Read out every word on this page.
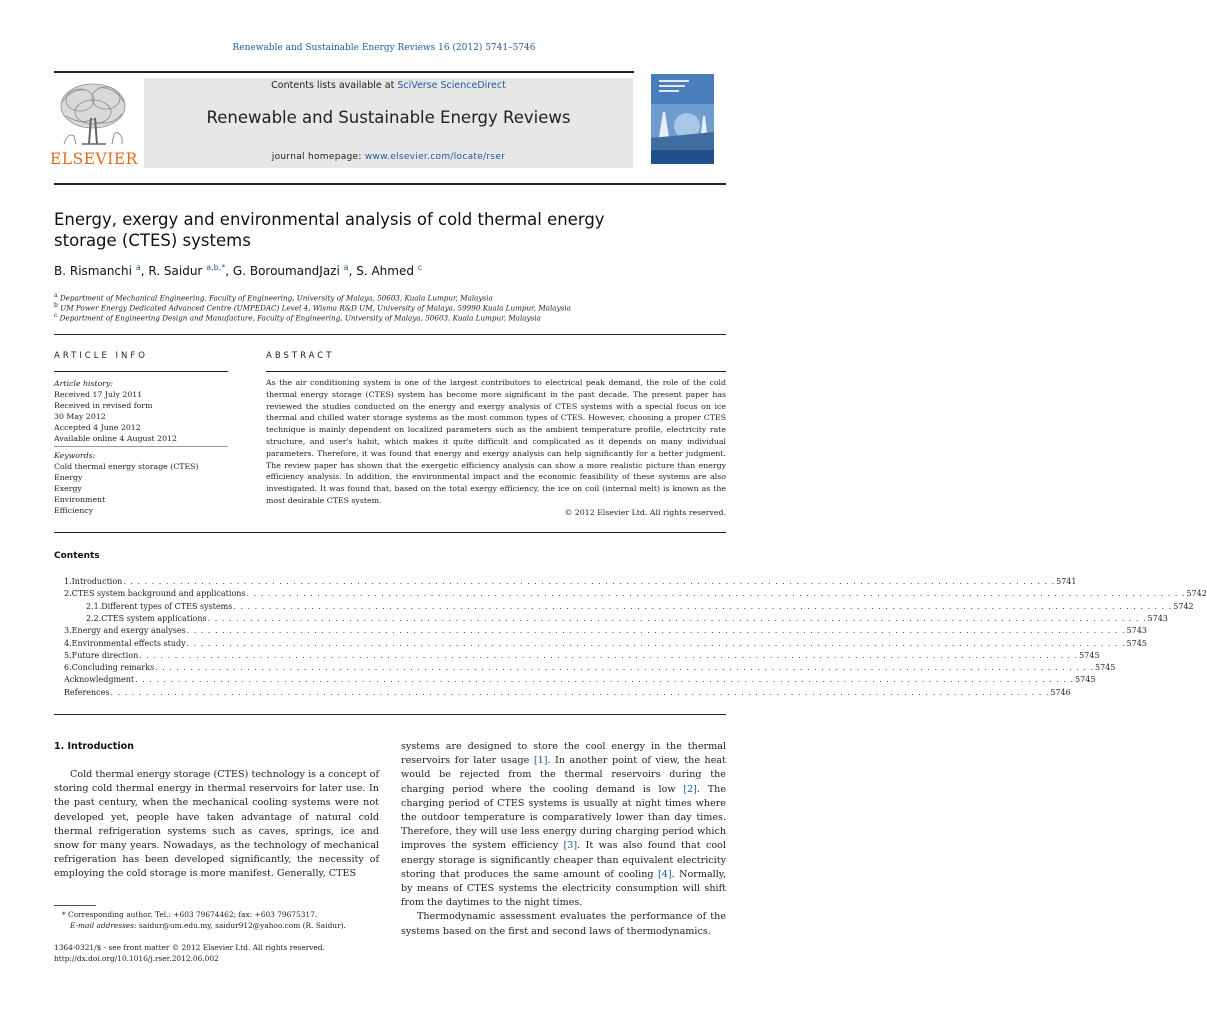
Renewable and Sustainable Energy Reviews 16 (2012) 5741–5746
ELSEVIER
Contents lists available at SciVerse ScienceDirect
Renewable and Sustainable Energy Reviews
journal homepage: www.elsevier.com/locate/rser
Energy, exergy and environmental analysis of cold thermal energy
storage (CTES) systems
B. Rismanchi $^a$, R. Saidur $^{a,b,*}$, G. BoroumandJazi $^a$, S. Ahmed $^c$
$^a$ Department of Mechanical Engineering, Faculty of Engineering, University of Malaya, 50603, Kuala Lumpur, Malaysia
$^b$ UM Power Energy Dedicated Advanced Centre (UMPEDAC) Level 4, Wisma R&D UM, University of Malaya, 59990 Kuala Lumpur, Malaysia
$^c$ Department of Engineering Design and Manufacture, Faculty of Engineering, University of Malaya, 50603, Kuala Lumpur, Malaysia
ARTICLE INFO
Article history:
Received 17 July 2011
Received in revised form
30 May 2012
Accepted 4 June 2012
Available online 4 August 2012
Keywords:
Cold thermal energy storage (CTES)
Energy
Exergy
Environment
Efficiency
ABSTRACT
As the air conditioning system is one of the largest contributors to electrical peak demand, the role of the cold thermal energy storage (CTES) system has become more significant in the past decade. The present paper has reviewed the studies conducted on the energy and exergy analysis of CTES systems with a special focus on ice thermal and chilled water storage systems as the most common types of CTES. However, choosing a proper CTES technique is mainly dependent on localized parameters such as the ambient temperature profile, electricity rate structure, and user's habit, which makes it quite difficult and complicated as it depends on many individual parameters. Therefore, it was found that energy and exergy analysis can help significantly for a better judgment. The review paper has shown that the exergetic efficiency analysis can show a more realistic picture than energy efficiency analysis. In addition, the environmental impact and the economic feasibility of these systems are also investigated. It was found that, based on the total exergy efficiency, the ice on coil (internal melt) is known as the most desirable CTES system.
© 2012 Elsevier Ltd. All rights reserved.
Contents
1. Introduction . . . . . . . . . . . . . . . . . . . . . . . . . . . . . . . . . . . . . . . . . . . . . . . . . . . . . . . . . . . . . . . . . . . . . . . . . . . . . . . . . . . . . . . . . . . . . . . . . . . . . . . . . . . . . . . . . . . . . . . . . . . . . . . . . . . . 5741
2. CTES system background and applications . . . . . . . . . . . . . . . . . . . . . . . . . . . . . . . . . . . . . . . . . . . . . . . . . . . . . . . . . . . . . . . . . . . . . . . . . . . . . . . . . . . . . . . . . . . . . . . . . . . . . . . . . . . . . . . . . . . . . . . . . . . . . . . . . . . . . 5742
2.1. Different types of CTES systems . . . . . . . . . . . . . . . . . . . . . . . . . . . . . . . . . . . . . . . . . . . . . . . . . . . . . . . . . . . . . . . . . . . . . . . . . . . . . . . . . . . . . . . . . . . . . . . . . . . . . . . . . . . . . . . . . . . . . . . . . . . . . . . . . . . . . 5742
2.2. CTES system applications . . . . . . . . . . . . . . . . . . . . . . . . . . . . . . . . . . . . . . . . . . . . . . . . . . . . . . . . . . . . . . . . . . . . . . . . . . . . . . . . . . . . . . . . . . . . . . . . . . . . . . . . . . . . . . . . . . . . . . . . . . . . . . . . . . . . . 5743
3. Energy and exergy analyses . . . . . . . . . . . . . . . . . . . . . . . . . . . . . . . . . . . . . . . . . . . . . . . . . . . . . . . . . . . . . . . . . . . . . . . . . . . . . . . . . . . . . . . . . . . . . . . . . . . . . . . . . . . . . . . . . . . . . . . . . . . . . . . . . . . . . 5743
4. Environmental effects study . . . . . . . . . . . . . . . . . . . . . . . . . . . . . . . . . . . . . . . . . . . . . . . . . . . . . . . . . . . . . . . . . . . . . . . . . . . . . . . . . . . . . . . . . . . . . . . . . . . . . . . . . . . . . . . . . . . . . . . . . . . . . . . . . . . . . 5745
5. Future direction . . . . . . . . . . . . . . . . . . . . . . . . . . . . . . . . . . . . . . . . . . . . . . . . . . . . . . . . . . . . . . . . . . . . . . . . . . . . . . . . . . . . . . . . . . . . . . . . . . . . . . . . . . . . . . . . . . . . . . . . . . . . . . . . . . . . . 5745
6. Concluding remarks . . . . . . . . . . . . . . . . . . . . . . . . . . . . . . . . . . . . . . . . . . . . . . . . . . . . . . . . . . . . . . . . . . . . . . . . . . . . . . . . . . . . . . . . . . . . . . . . . . . . . . . . . . . . . . . . . . . . . . . . . . . . . . . . . . . . . 5745
Acknowledgment . . . . . . . . . . . . . . . . . . . . . . . . . . . . . . . . . . . . . . . . . . . . . . . . . . . . . . . . . . . . . . . . . . . . . . . . . . . . . . . . . . . . . . . . . . . . . . . . . . . . . . . . . . . . . . . . . . . . . . . . . . . . . . . . . . . . . 5745
References . . . . . . . . . . . . . . . . . . . . . . . . . . . . . . . . . . . . . . . . . . . . . . . . . . . . . . . . . . . . . . . . . . . . . . . . . . . . . . . . . . . . . . . . . . . . . . . . . . . . . . . . . . . . . . . . . . . . . . . . . . . . . . . . . . . . . 5746
1. Introduction

Cold thermal energy storage (CTES) technology is a concept of storing cold thermal energy in thermal reservoirs for later use. In the past century, when the mechanical cooling systems were not developed yet, people have taken advantage of natural cold thermal refrigeration systems such as caves, springs, ice and snow for many years. Nowadays, as the technology of mechanical refrigeration has been developed significantly, the necessity of employing the cold storage is more manifest. Generally, CTES

systems are designed to store the cool energy in the thermal reservoirs for later usage [1]. In another point of view, the heat would be rejected from the thermal reservoirs during the charging period where the cooling demand is low [2]. The charging period of CTES systems is usually at night times where the outdoor temperature is comparatively lower than day times. Therefore, they will use less energy during charging period which improves the system efficiency [3]. It was also found that cool energy storage is significantly cheaper than equivalent electricity storing that produces the same amount of cooling [4]. Normally, by means of CTES systems the electricity consumption will shift from the daytimes to the night times.

Thermodynamic assessment evaluates the performance of the systems based on the first and second laws of thermodynamics.

* Corresponding author. Tel.: +603 79674462; fax: +603 79675317.
E-mail addresses: saidur@um.edu.my, saidur912@yahoo.com (R. Saidur).
1364-0321/$ - see front matter © 2012 Elsevier Ltd. All rights reserved.
http://dx.doi.org/10.1016/j.rser.2012.06.002
